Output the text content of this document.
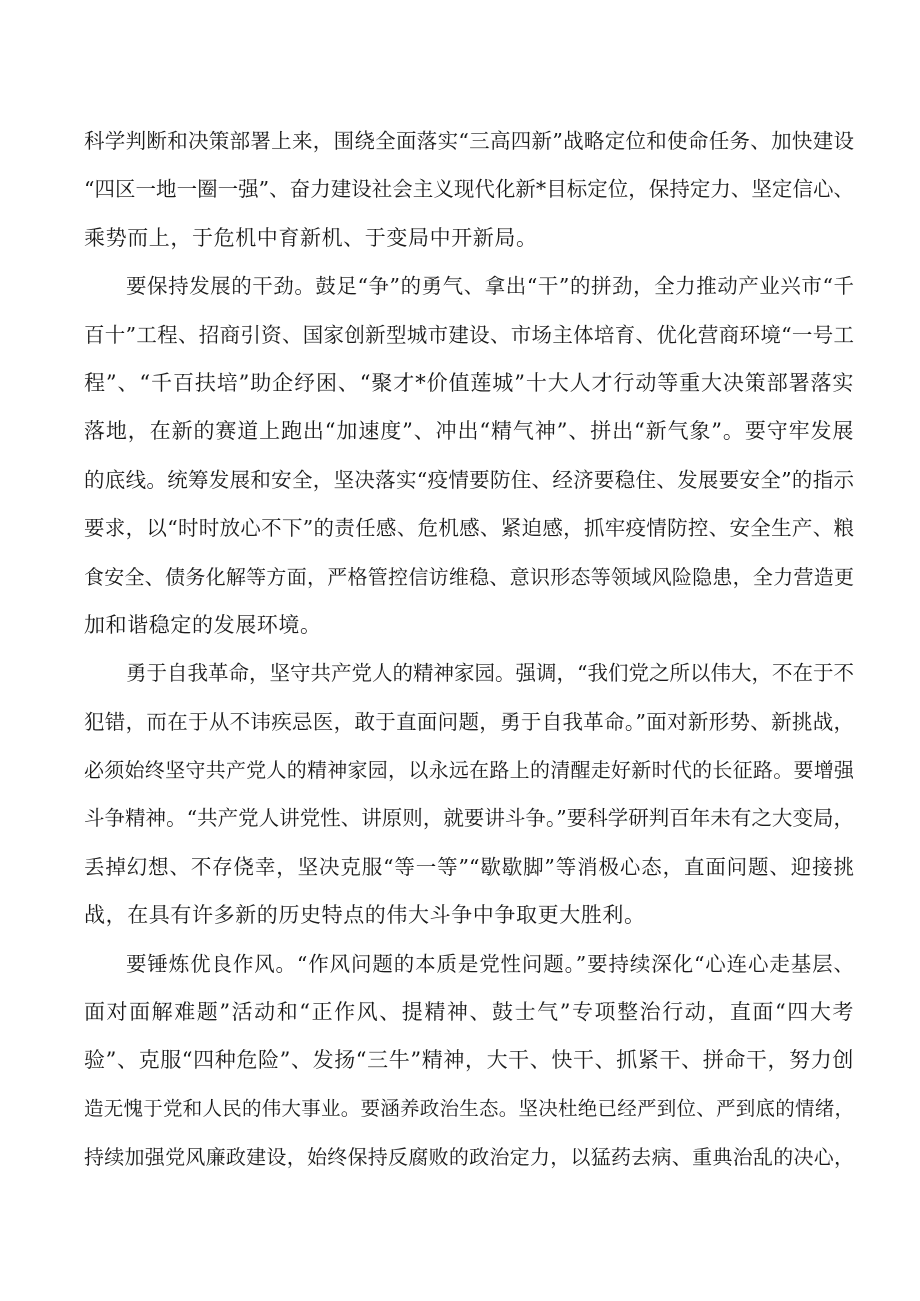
科学判断和决策部署上来，围绕全面落实“三高四新”战略定位和使命任务、加快建设
“四区一地一圈一强”、奋力建设社会主义现代化新*目标定位，保持定力、坚定信心、
乘势而上，于危机中育新机、于变局中开新局。
要保持发展的干劲。鼓足“争”的勇气、拿出“干”的拼劲，全力推动产业兴市“千
百十”工程、招商引资、国家创新型城市建设、市场主体培育、优化营商环境“一号工
程”、“千百扶培”助企纾困、“聚才*价值莲城”十大人才行动等重大决策部署落实
落地，在新的赛道上跑出“加速度”、冲出“精气神”、拼出“新气象”。要守牢发展
的底线。统筹发展和安全，坚决落实“疫情要防住、经济要稳住、发展要安全”的指示
要求，以“时时放心不下”的责任感、危机感、紧迫感，抓牢疫情防控、安全生产、粮
食安全、债务化解等方面，严格管控信访维稳、意识形态等领域风险隐患，全力营造更
加和谐稳定的发展环境。
勇于自我革命，坚守共产党人的精神家园。强调，“我们党之所以伟大，不在于不
犯错，而在于从不讳疾忌医，敢于直面问题，勇于自我革命。”面对新形势、新挑战，
必须始终坚守共产党人的精神家园，以永远在路上的清醒走好新时代的长征路。要增强
斗争精神。“共产党人讲党性、讲原则，就要讲斗争。”要科学研判百年未有之大变局，
丢掉幻想、不存侥幸，坚决克服“等一等”“歇歇脚”等消极心态，直面问题、迎接挑
战，在具有许多新的历史特点的伟大斗争中争取更大胜利。
要锤炼优良作风。“作风问题的本质是党性问题。”要持续深化“心连心走基层、
面对面解难题”活动和“正作风、提精神、鼓士气”专项整治行动，直面“四大考
验”、克服“四种危险”、发扬“三牛”精神，大干、快干、抓紧干、拼命干，努力创
造无愧于党和人民的伟大事业。要涵养政治生态。坚决杜绝已经严到位、严到底的情绪，
持续加强党风廉政建设，始终保持反腐败的政治定力，以猛药去病、重典治乱的决心，
